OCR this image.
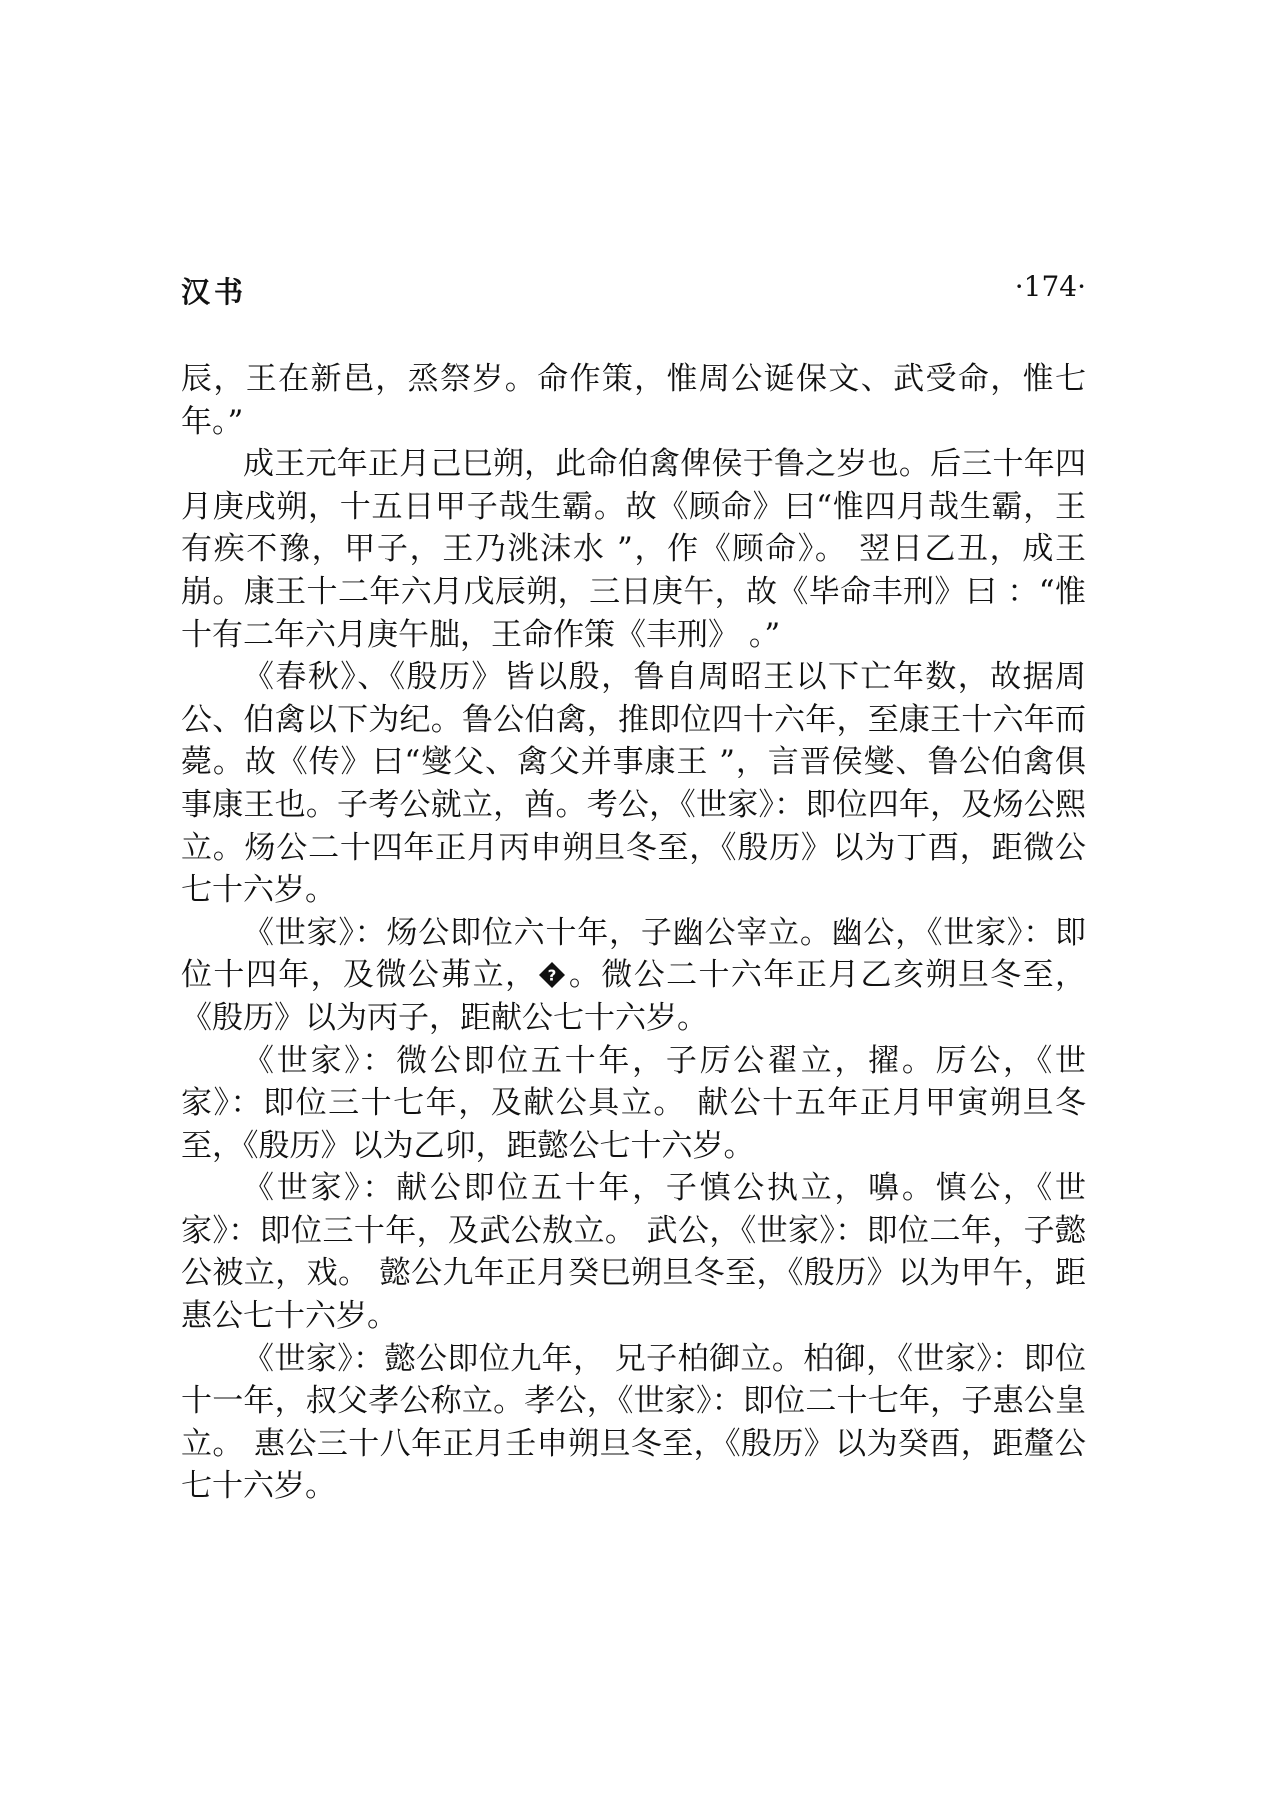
汉书	·174·

辰，王在新邑，烝祭岁。命作策，惟周公诞保文、武受命，惟七年。”

成王元年正月己巳朔，此命伯禽俾侯于鲁之岁也。后三十年四月庚戌朔，十五日甲子哉生霸。故《顾命》曰“惟四月哉生霸，王有疾不豫，甲子，王乃洮沫水 ”，作《顾命》。 翌日乙丑，成王崩。康王十二年六月戊辰朔，三日庚午，故《毕命丰刑》曰 ：“惟十有二年六月庚午朏，王命作策《丰刑》 。”

《春秋》、《殷历》皆以殷，鲁自周昭王以下亡年数，故据周公、伯禽以下为纪。鲁公伯禽，推即位四十六年，至康王十六年而薨。故《传》曰“燮父、禽父并事康王 ”，言晋侯燮、鲁公伯禽俱事康王也。子考公就立，酋。考公，《世家》：即位四年，及炀公熙立。炀公二十四年正月丙申朔旦冬至，《殷历》以为丁酉，距微公七十六岁。

《世家》：炀公即位六十年，子幽公宰立。幽公，《世家》：即位十四年，及微公茀立， ? 。微公二十六年正月乙亥朔旦冬至，《殷历》以为丙子，距献公七十六岁。

《世家》：微公即位五十年，子厉公翟立，擢。厉公，《世家》：即位三十七年，及献公具立。 献公十五年正月甲寅朔旦冬至，《殷历》以为乙卯，距懿公七十六岁。

《世家》：献公即位五十年，子慎公执立，嚊。慎公，《世家》：即位三十年，及武公敖立。 武公，《世家》：即位二年，子懿公被立，戏。 懿公九年正月癸巳朔旦冬至，《殷历》以为甲午，距惠公七十六岁。

《世家》：懿公即位九年， 兄子柏御立。柏御，《世家》：即位十一年，叔父孝公称立。孝公，《世家》：即位二十七年，子惠公皇立。 惠公三十八年正月壬申朔旦冬至，《殷历》以为癸酉，距釐公七十六岁。
